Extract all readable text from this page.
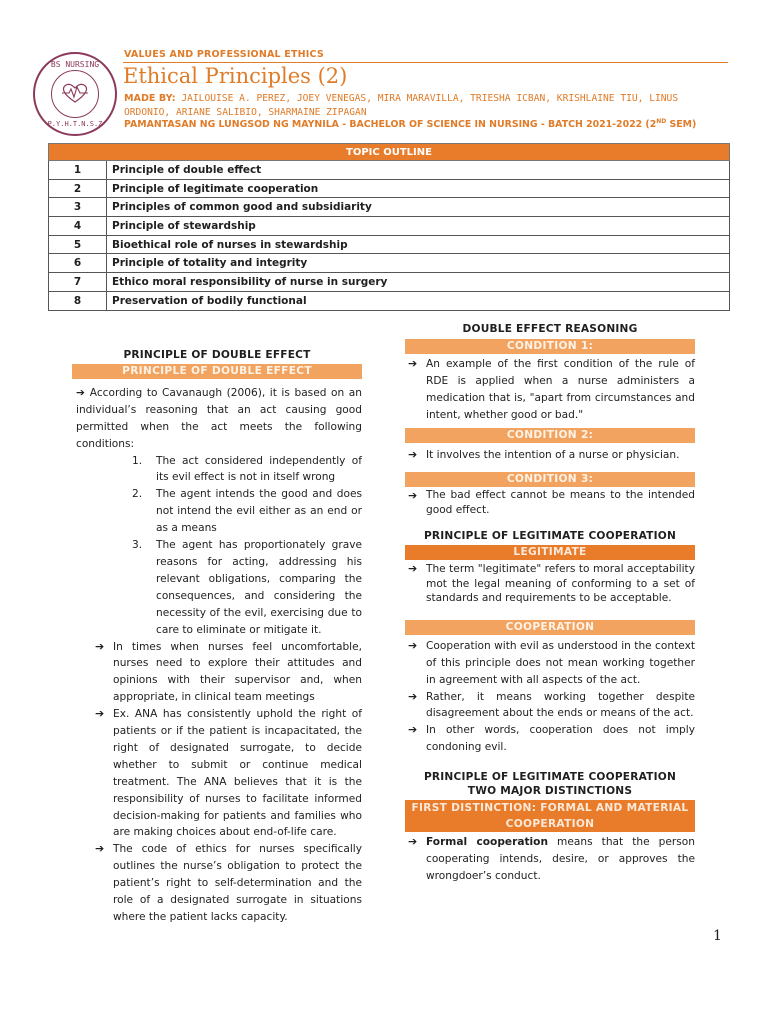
BS NURSING
P.Y.H.T.N.S.Z
VALUES AND PROFESSIONAL ETHICS
Ethical Principles (2)
MADE BY: JAILOUISE A. PEREZ, JOEY VENEGAS, MIRA MARAVILLA, TRIESHA ICBAN, KRISHLAINE TIU, LINUS ORDONIO, ARIANE SALIBIO, SHARMAINE ZIPAGAN
PAMANTASAN NG LUNGSOD NG MAYNILA - BACHELOR OF SCIENCE IN NURSING - BATCH 2021-2022 (2ND SEM)
TOPIC OUTLINE	
1	Principle of double effect
2	Principle of legitimate cooperation
3	Principles of common good and subsidiarity
4	Principle of stewardship
5	Bioethical role of nurses in stewardship
6	Principle of totality and integrity
7	Ethico moral responsibility of nurse in surgery
8	Preservation of bodily functional
PRINCIPLE OF DOUBLE EFFECT
PRINCIPLE OF DOUBLE EFFECT

➔ According to Cavanaugh (2006), it is based on an individual’s reasoning that an act causing good permitted when the act meets the following conditions:

1. The act considered independently of its evil effect is not in itself wrong
2. The agent intends the good and does not intend the evil either as an end or as a means
3. The agent has proportionately grave reasons for acting, addressing his relevant obligations, comparing the consequences, and considering the necessity of the evil, exercising due to care to eliminate or mitigate it.
➔ In times when nurses feel uncomfortable, nurses need to explore their attitudes and opinions with their supervisor and, when appropriate, in clinical team meetings
➔ Ex. ANA has consistently uphold the right of patients or if the patient is incapacitated, the right of designated surrogate, to decide whether to submit or continue medical treatment. The ANA believes that it is the responsibility of nurses to facilitate informed decision-making for patients and families who are making choices about end-of-life care.
➔ The code of ethics for nurses specifically outlines the nurse’s obligation to protect the patient’s right to self-determination and the role of a designated surrogate in situations where the patient lacks capacity.
DOUBLE EFFECT REASONING
CONDITION 1:
➔ An example of the first condition of the rule of RDE is applied when a nurse administers a medication that is, "apart from circumstances and intent, whether good or bad."
CONDITION 2:
➔ It involves the intention of a nurse or physician.
CONDITION 3:
➔ The bad effect cannot be means to the intended good effect.
PRINCIPLE OF LEGITIMATE COOPERATION
LEGITIMATE
➔ The term "legitimate" refers to moral acceptability mot the legal meaning of conforming to a set of standards and requirements to be acceptable.
COOPERATION
➔ Cooperation with evil as understood in the context of this principle does not mean working together in agreement with all aspects of the act.
➔ Rather, it means working together despite disagreement about the ends or means of the act.
➔ In other words, cooperation does not imply condoning evil.
PRINCIPLE OF LEGITIMATE COOPERATION
TWO MAJOR DISTINCTIONS
FIRST DISTINCTION: FORMAL AND MATERIAL COOPERATION
➔ Formal cooperation means that the person cooperating intends, desire, or approves the wrongdoer’s conduct.
1
